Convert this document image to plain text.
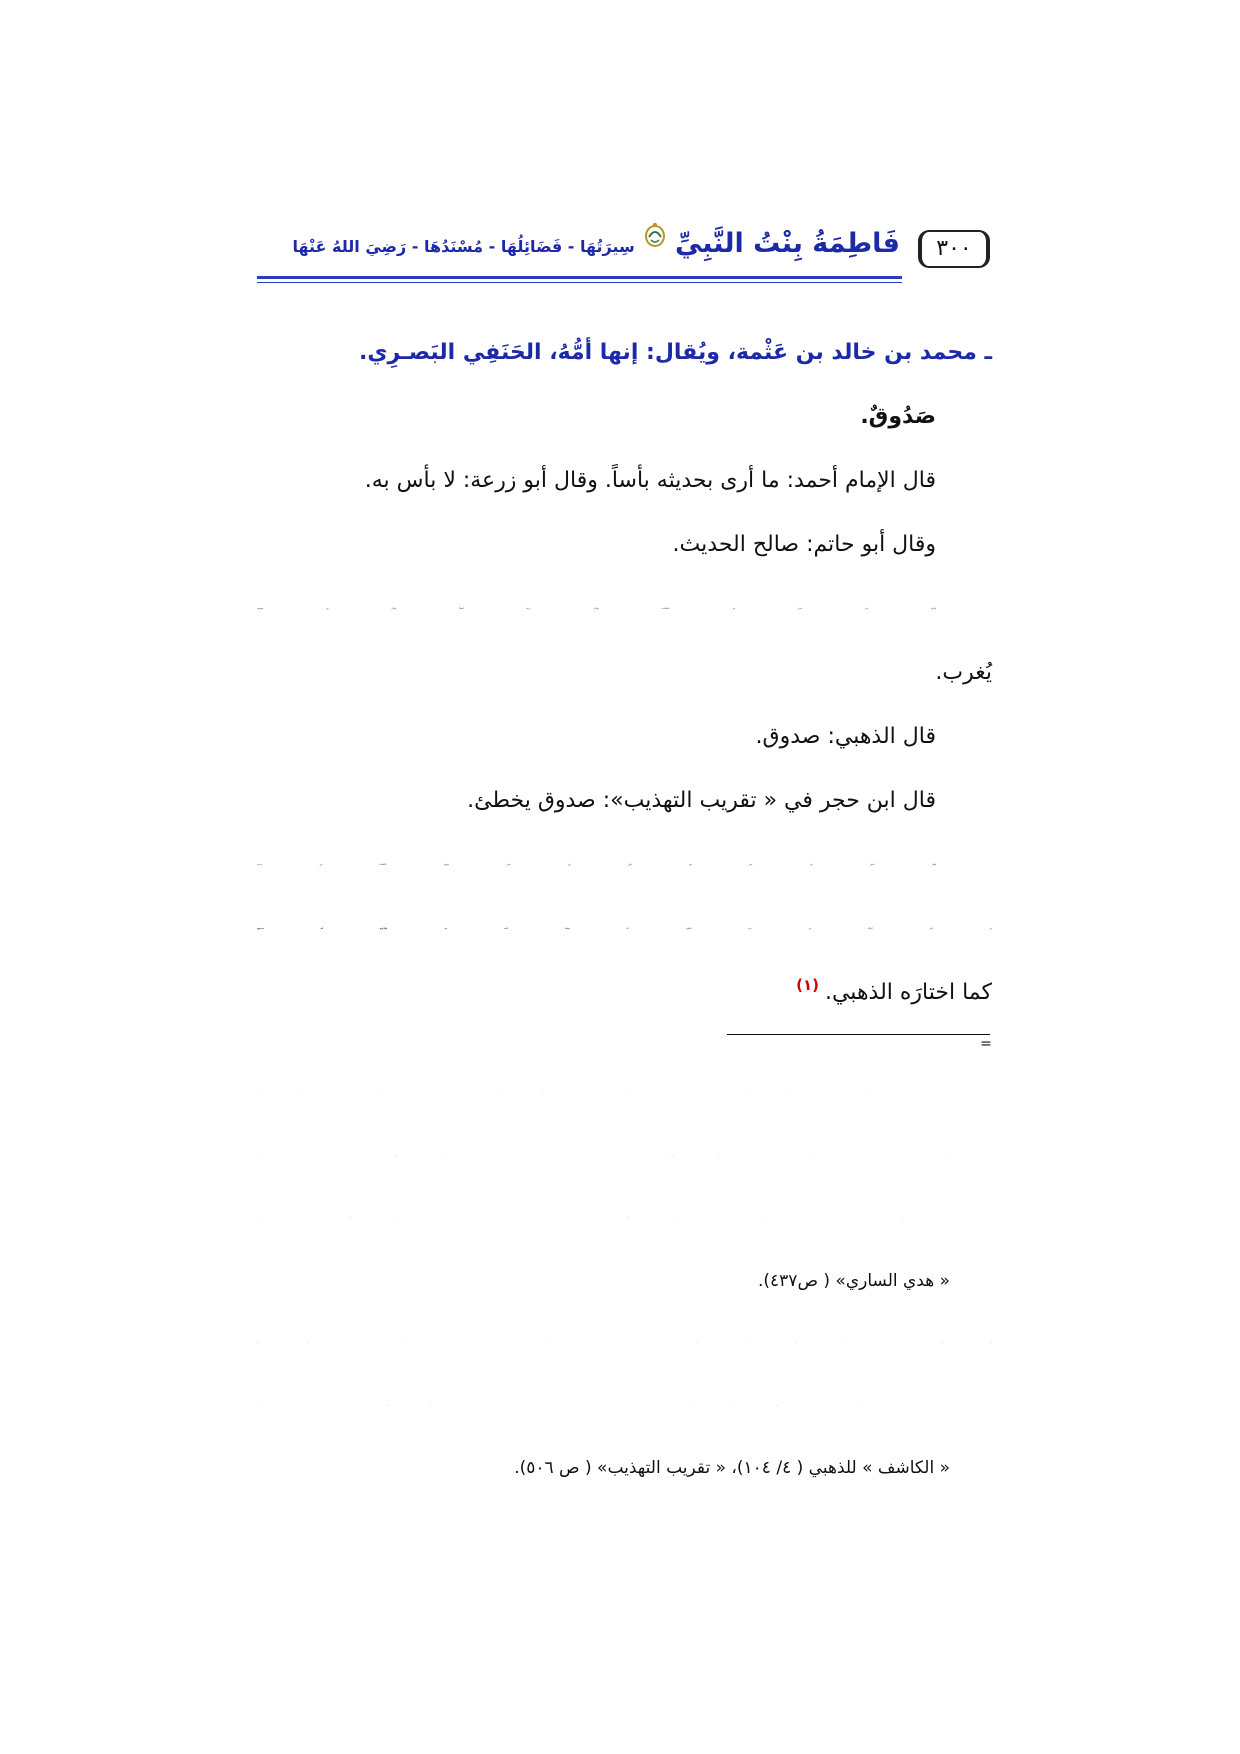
فَاطِمَةُ بِنْتُ النَّبِيِّ
سِيرَتُهَا - فَضَائِلُهَا - مُسْنَدُهَا - رَضِيَ اللهُ عَنْهَا	٣٠٠
ـ محمد بن خالد بن عَثْمة، ويُقال: إنها أمُّهُ، الحَنَفِي البَصـرِي.
صَدُوقٌ.
قال الإمام أحمد: ما أرى بحديثه بأساً. وقال أبو زرعة: لا بأس به.
وقال أبو حاتم: صالح الحديث.
وذكره ابـن حبـان في «الثقـات» وقـال: ربـما أخطـأ. وقـال في موضـع:
يُغرب.
قال الذهبي: صدوق.
قال ابن حجر في « تقريب التهذيب»: صدوق يخطئ.
ولعل اختيار ابن حجر مِن قولِ ابن حبان، ووجودُ الأخطـاء في حديثـه
هي التي أنزلتْهُ عن درجة الإتقان، لذا توسَّطَ الأئمة فيه، والراجح أنه صـدوق
كما اختارَه الذهبي.$^{(١)}$
=
« هدي الساري» ( ص٤٣٧).
« الكاشف » للذهبي ( ٤/ ١٠٤)، « تقريب التهذيب» ( ص ٥٠٦).
